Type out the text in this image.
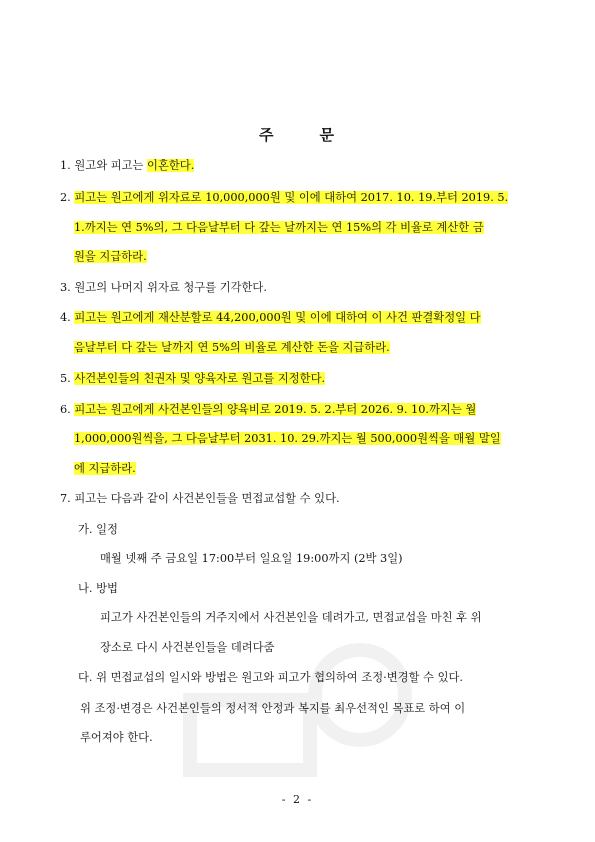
주	문
1. 원고와 피고는 이혼한다.
2. 피고는 원고에게 위자료로 10,000,000원 및 이에 대하여 2017. 10. 19.부터 2019. 5.
1.까지는 연 5%의, 그 다음날부터 다 갚는 날까지는 연 15%의 각 비율로 계산한 금
원을 지급하라.
3. 원고의 나머지 위자료 청구를 기각한다.
4. 피고는 원고에게 재산분할로 44,200,000원 및 이에 대하여 이 사건 판결확정일 다
음날부터 다 갚는 날까지 연 5%의 비율로 계산한 돈을 지급하라.
5. 사건본인들의 친권자 및 양육자로 원고를 지정한다.
6. 피고는 원고에게 사건본인들의 양육비로 2019. 5. 2.부터 2026. 9. 10.까지는 월
1,000,000원씩을, 그 다음날부터 2031. 10. 29.까지는 월 500,000원씩을 매월 말일
에 지급하라.
7. 피고는 다음과 같이 사건본인들을 면접교섭할 수 있다.
가. 일정
매월 넷째 주 금요일 17:00부터 일요일 19:00까지 (2박 3일)
나. 방법
피고가 사건본인들의 거주지에서 사건본인을 데려가고, 면접교섭을 마친 후 위
장소로 다시 사건본인들을 데려다줌
다. 위 면접교섭의 일시와 방법은 원고와 피고가 협의하여 조정·변경할 수 있다.
위 조정·변경은 사건본인들의 정서적 안정과 복지를 최우선적인 목표로 하여 이
루어져야 한다.
- 2 -
